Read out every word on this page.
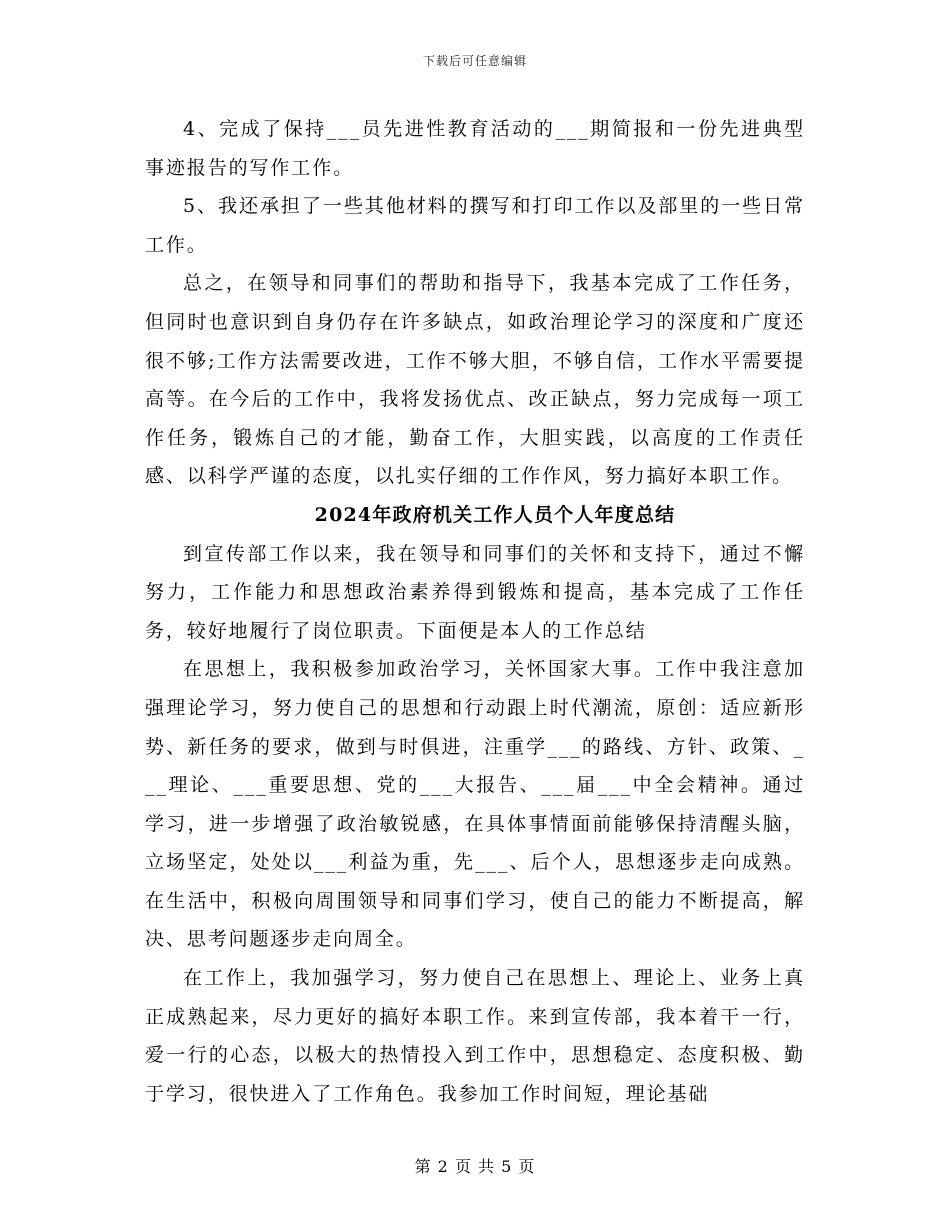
下载后可任意编辑

4、完成了保持___员先进性教育活动的___期简报和一份先进典型事迹报告的写作工作。

5、我还承担了一些其他材料的撰写和打印工作以及部里的一些日常工作。

总之，在领导和同事们的帮助和指导下，我基本完成了工作任务，但同时也意识到自身仍存在许多缺点，如政治理论学习的深度和广度还很不够;工作方法需要改进，工作不够大胆，不够自信，工作水平需要提高等。在今后的工作中，我将发扬优点、改正缺点，努力完成每一项工作任务，锻炼自己的才能，勤奋工作，大胆实践，以高度的工作责任感、以科学严谨的态度，以扎实仔细的工作作风，努力搞好本职工作。

2024年政府机关工作人员个人年度总结

到宣传部工作以来，我在领导和同事们的关怀和支持下，通过不懈努力，工作能力和思想政治素养得到锻炼和提高，基本完成了工作任务，较好地履行了岗位职责。下面便是本人的工作总结

在思想上，我积极参加政治学习，关怀国家大事。工作中我注意加强理论学习，努力使自己的思想和行动跟上时代潮流，原创：适应新形势、新任务的要求，做到与时俱进，注重学___的路线、方针、政策、___理论、___重要思想、党的___大报告、___届___中全会精神。通过学习，进一步增强了政治敏锐感，在具体事情面前能够保持清醒头脑，立场坚定，处处以___利益为重，先___、后个人，思想逐步走向成熟。在生活中，积极向周围领导和同事们学习，使自己的能力不断提高，解决、思考问题逐步走向周全。

在工作上，我加强学习，努力使自己在思想上、理论上、业务上真正成熟起来，尽力更好的搞好本职工作。来到宣传部，我本着干一行，爱一行的心态，以极大的热情投入到工作中，思想稳定、态度积极、勤于学习，很快进入了工作角色。我参加工作时间短，理论基础

第 2 页 共 5 页
